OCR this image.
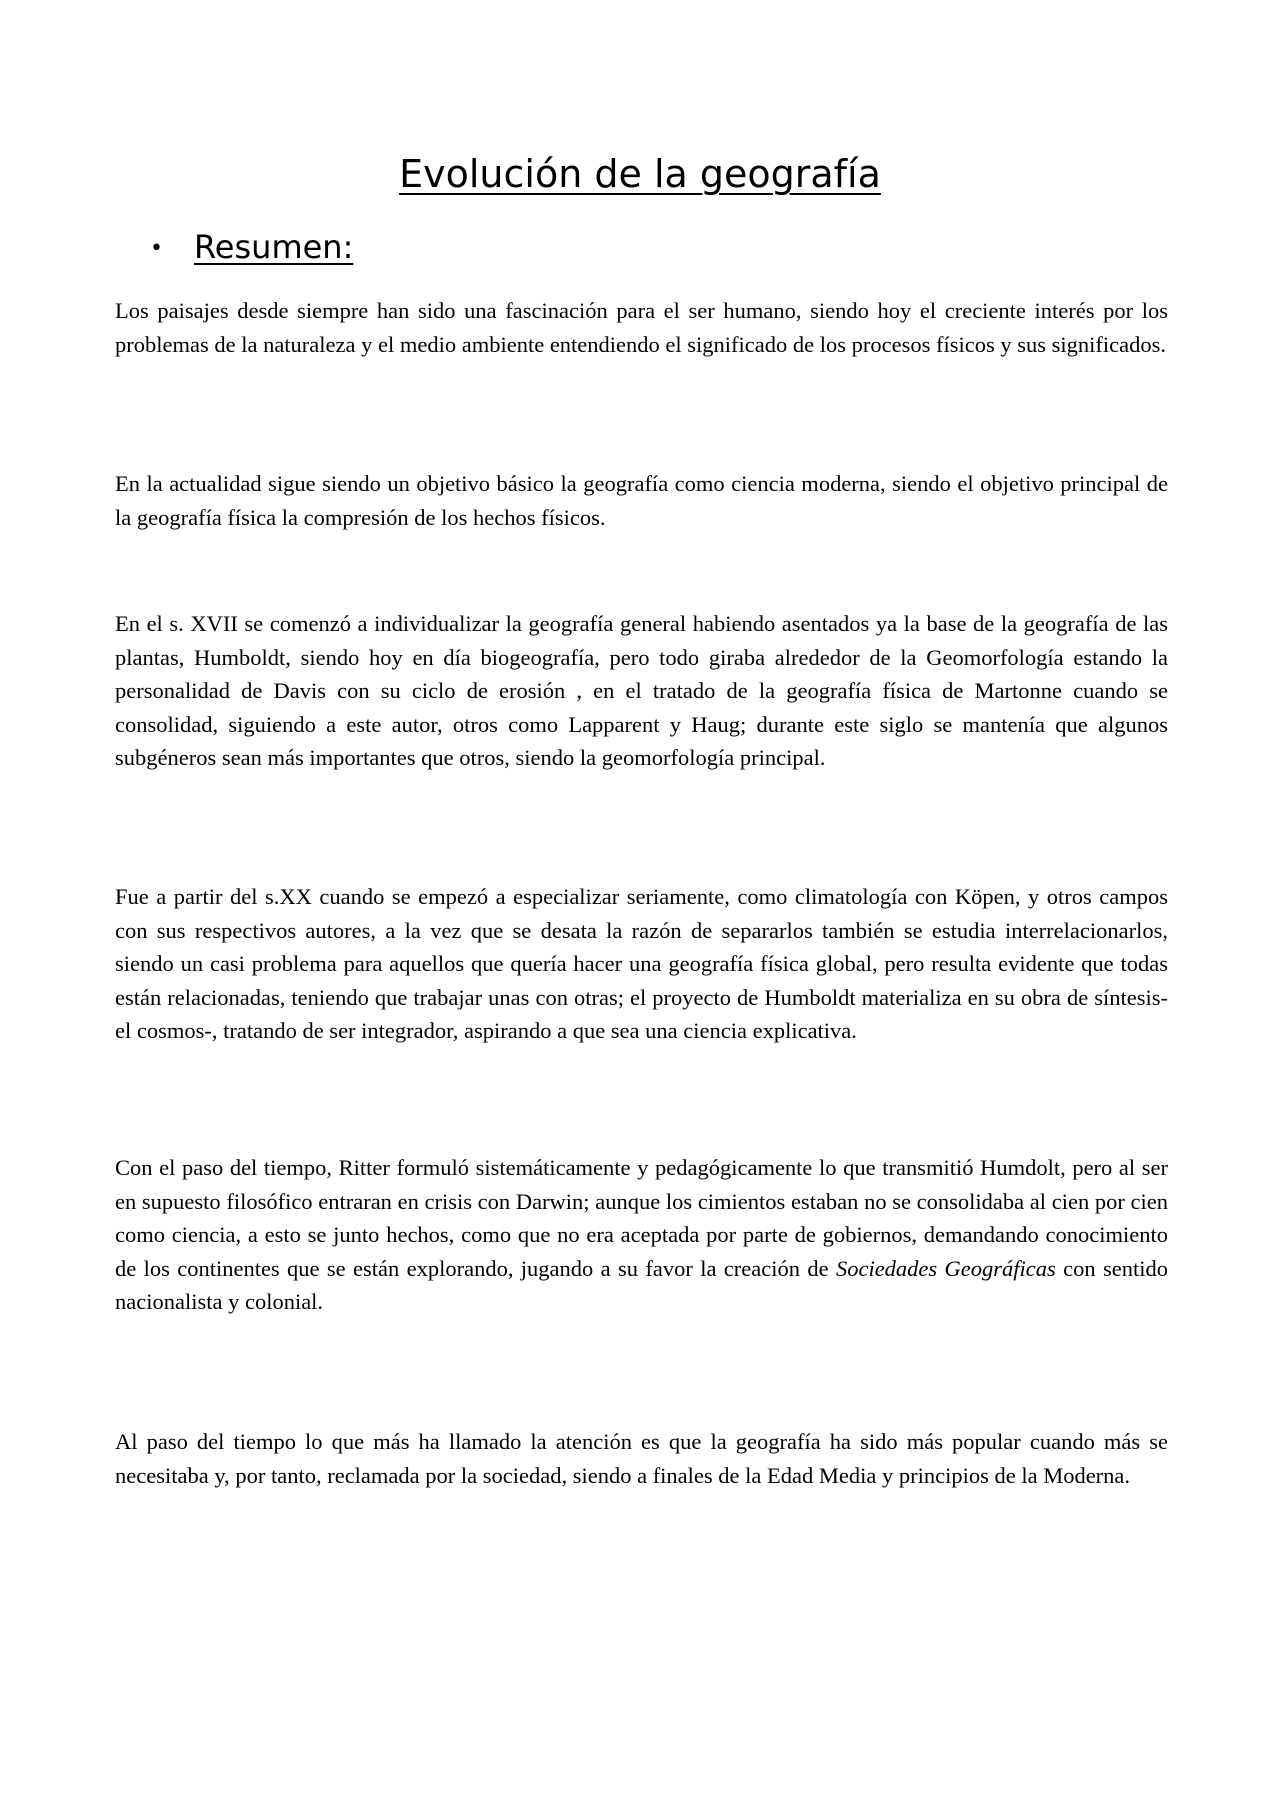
Evolución de la geografía
• Resumen:

Los paisajes desde siempre han sido una fascinación para el ser humano, siendo hoy el creciente interés por los problemas de la naturaleza y el medio ambiente entendiendo el significado de los procesos físicos y sus significados.

En la actualidad sigue siendo un objetivo básico la geografía como ciencia moderna, siendo el objetivo principal de la geografía física la compresión de los hechos físicos.

En el s. XVII se comenzó a individualizar la geografía general habiendo asentados ya la base de la geografía de las plantas, Humboldt, siendo hoy en día biogeografía, pero todo giraba alrededor de la Geomorfología estando la personalidad de Davis con su ciclo de erosión , en el tratado de la geografía física de Martonne cuando se consolidad, siguiendo a este autor, otros como Lapparent y Haug; durante este siglo se mantenía que algunos subgéneros sean más importantes que otros, siendo la geomorfología principal.

Fue a partir del s.XX cuando se empezó a especializar seriamente, como climatología con Köpen, y otros campos con sus respectivos autores, a la vez que se desata la razón de separarlos también se estudia interrelacionarlos, siendo un casi problema para aquellos que quería hacer una geografía física global, pero resulta evidente que todas están relacionadas, teniendo que trabajar unas con otras; el proyecto de Humboldt materializa en su obra de síntesis-el cosmos-, tratando de ser integrador, aspirando a que sea una ciencia explicativa.

Con el paso del tiempo, Ritter formuló sistemáticamente y pedagógicamente lo que transmitió Humdolt, pero al ser en supuesto filosófico entraran en crisis con Darwin; aunque los cimientos estaban no se consolidaba al cien por cien como ciencia, a esto se junto hechos, como que no era aceptada por parte de gobiernos, demandando conocimiento de los continentes que se están explorando, jugando a su favor la creación de Sociedades Geográficas con sentido nacionalista y colonial.

Al paso del tiempo lo que más ha llamado la atención es que la geografía ha sido más popular cuando más se necesitaba y, por tanto, reclamada por la sociedad, siendo a finales de la Edad Media y principios de la Moderna.
